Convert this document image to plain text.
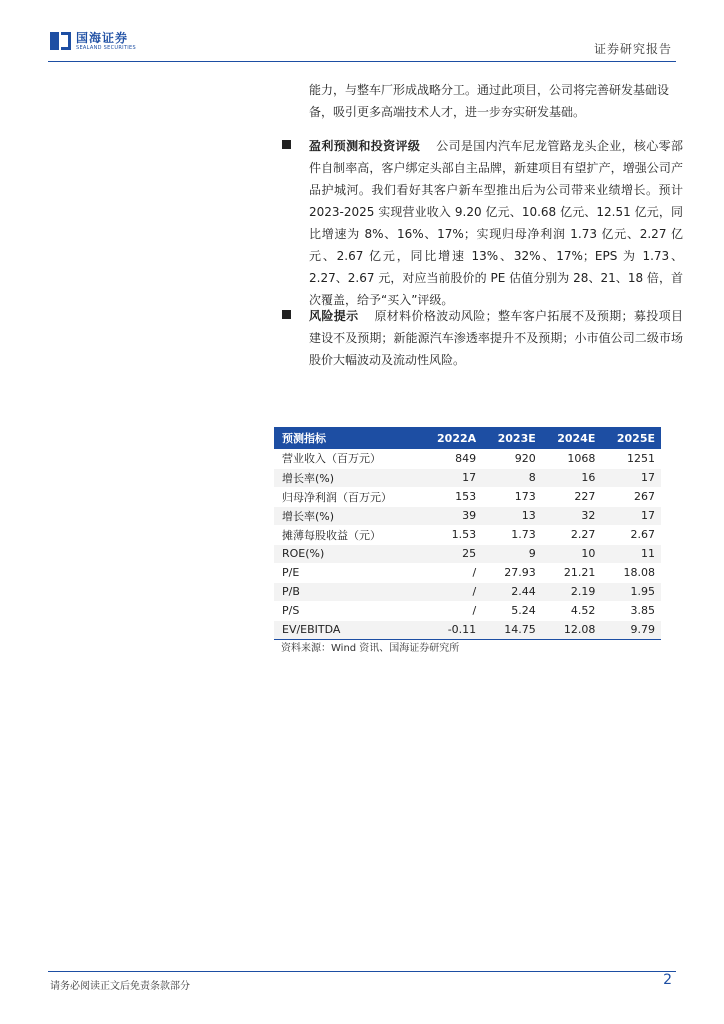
国海证券
SEALAND SECURITIES	证券研究报告

能力，与整车厂形成战略分工。通过此项目，公司将完善研发基础设备，吸引更多高端技术人才，进一步夯实研发基础。

盈利预测和投资评级 公司是国内汽车尼龙管路龙头企业，核心零部件自制率高，客户绑定头部自主品牌，新建项目有望扩产，增强公司产品护城河。我们看好其客户新车型推出后为公司带来业绩增长。预计 2023-2025 实现营业收入 9.20 亿元、10.68 亿元、12.51 亿元，同比增速为 8%、16%、17%；实现归母净利润 1.73 亿元、2.27 亿元、2.67 亿元，同比增速 13%、32%、17%；EPS 为 1.73、2.27、2.67 元，对应当前股价的 PE 估值分别为 28、21、18 倍，首次覆盖，给予“买入”评级。

风险提示 原材料价格波动风险；整车客户拓展不及预期；募投项目建设不及预期；新能源汽车渗透率提升不及预期；小市值公司二级市场股价大幅波动及流动性风险。

预测指标	2022A	2023E	2024E	2025E
营业收入（百万元）	849	920	1068	1251
增长率(%)	17	8	16	17
归母净利润（百万元）	153	173	227	267
增长率(%)	39	13	32	17
摊薄每股收益（元）	1.53	1.73	2.27	2.67
ROE(%)	25	9	10	11
P/E	/	27.93	21.21	18.08
P/B	/	2.44	2.19	1.95
P/S	/	5.24	4.52	3.85
EV/EBITDA	-0.11	14.75	12.08	9.79

资料来源：Wind 资讯、国海证券研究所

请务必阅读正文后免责条款部分	2
